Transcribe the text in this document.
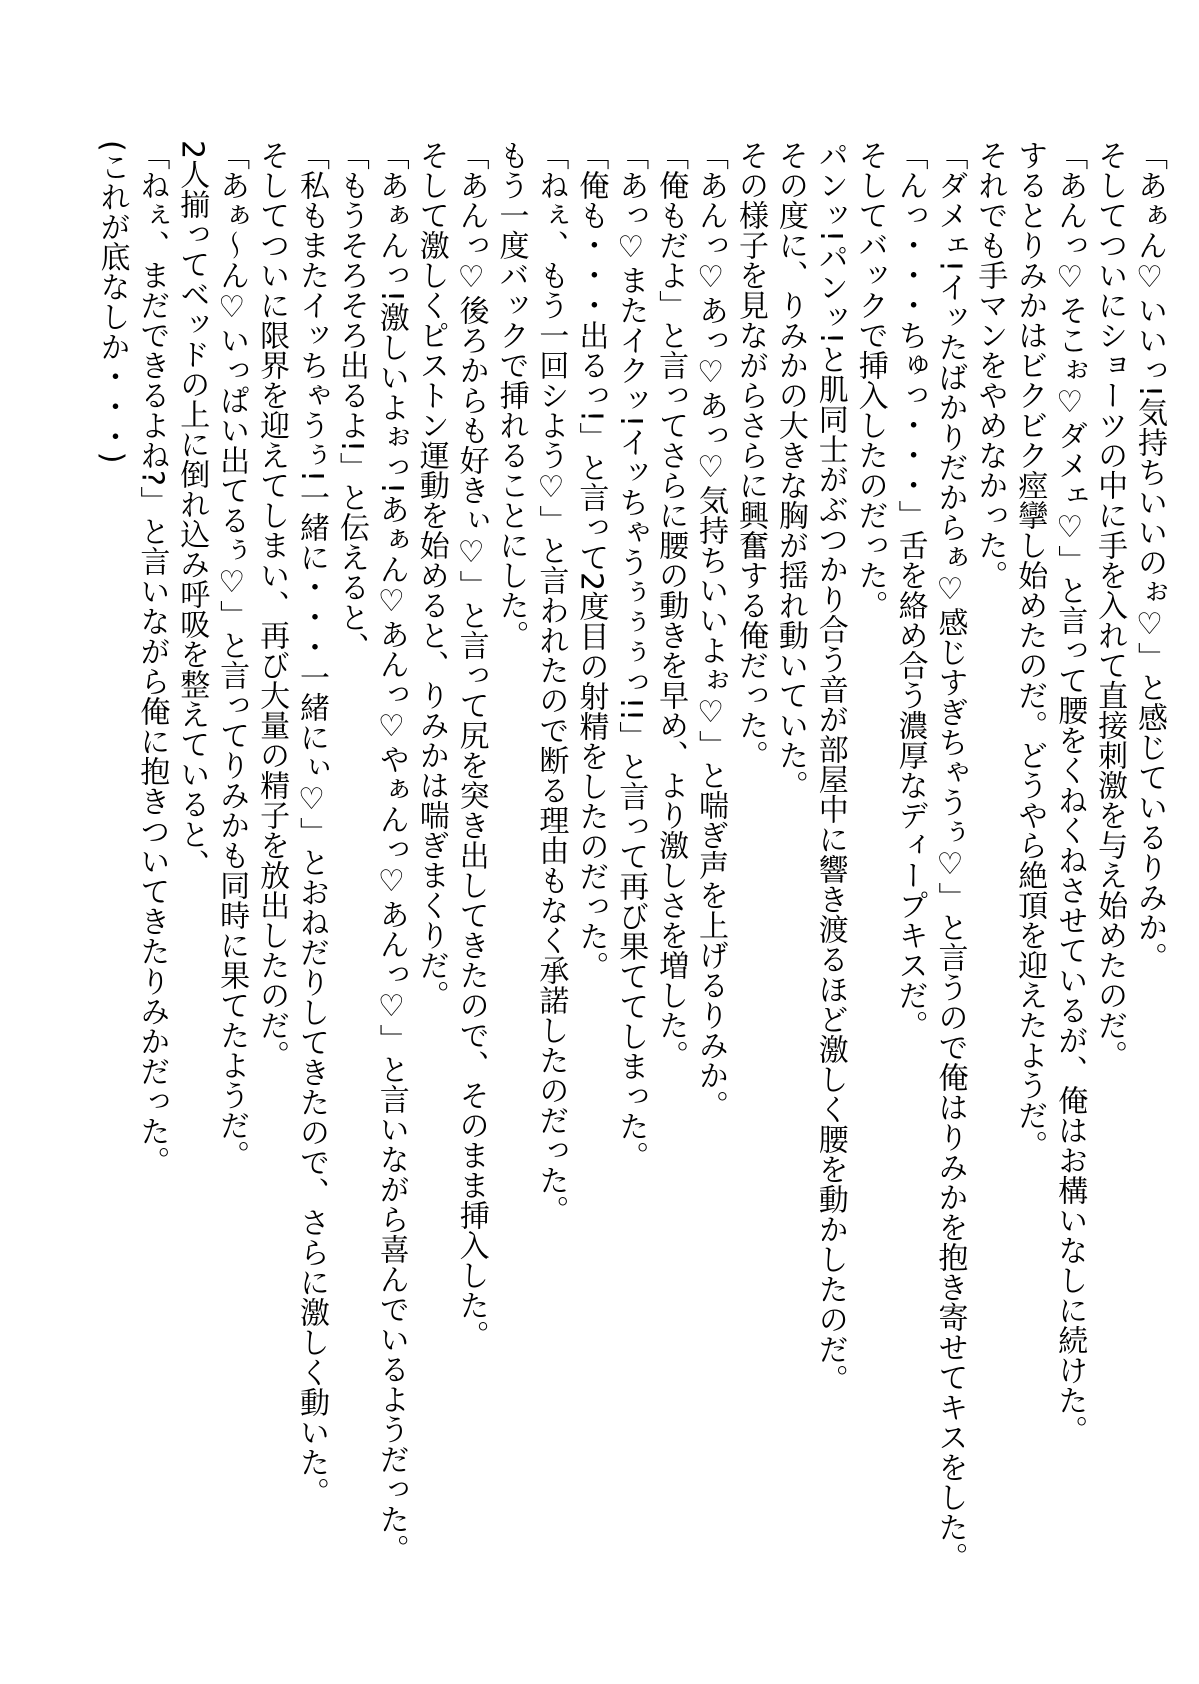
「あぁん♡いいっ!気持ちいいのぉ♡」と感じているりみか。
そしてついにショーツの中に手を入れて直接刺激を与え始めたのだ。
「あんっ♡そこぉ♡ダメェ♡」と言って腰をくねくねさせているが、俺はお構いなしに続けた。
するとりみかはビクビク痙攣し始めたのだ。どうやら絶頂を迎えたようだ。
それでも手マンをやめなかった。
「ダメェ!イッたばかりだからぁ♡感じすぎちゃうぅ♡」と言うので俺はりみかを抱き寄せてキスをした。
「んっ・・・ちゅっ・・・」舌を絡め合う濃厚なディープキスだ。
そしてバックで挿入したのだった。
パンッ!パンッ!と肌同士がぶつかり合う音が部屋中に響き渡るほど激しく腰を動かしたのだ。
その度に、りみかの大きな胸が揺れ動いていた。
その様子を見ながらさらに興奮する俺だった。
「あんっ♡あっ♡あっ♡気持ちいいよぉ♡」と喘ぎ声を上げるりみか。
「俺もだよ」と言ってさらに腰の動きを早め、より激しさを増した。
「あっ♡またイクッ!イッちゃうぅぅぅっ!!」と言って再び果ててしまった。
「俺も・・・出るっ!」と言って2度目の射精をしたのだった。
「ねぇ、もう一回シよう♡」と言われたので断る理由もなく承諾したのだった。
もう一度バックで挿れることにした。
「あんっ♡後ろからも好きぃ♡」と言って尻を突き出してきたので、そのまま挿入した。
そして激しくピストン運動を始めると、りみかは喘ぎまくりだ。
「あぁんっ!激しいよぉっ!あぁん♡あんっ♡やぁんっ♡あんっ♡」と言いながら喜んでいるようだった。
「もうそろそろ出るよ!」と伝えると、
「私もまたイッちゃうぅ!一緒に・・・一緒にぃ♡」とおねだりしてきたので、さらに激しく動いた。
そしてついに限界を迎えてしまい、再び大量の精子を放出したのだ。
「あぁ～ん♡いっぱい出てるぅ♡」と言ってりみかも同時に果てたようだ。
2人揃ってベッドの上に倒れ込み呼吸を整えていると、
「ねぇ、まだできるよね?」と言いながら俺に抱きついてきたりみかだった。
(これが底なしか・・・)
